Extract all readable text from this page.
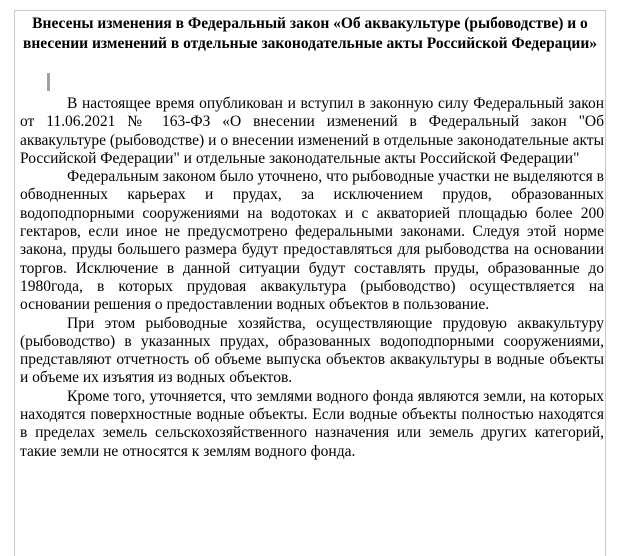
Внесены изменения в Федеральный закон «Об аквакультуре (рыбоводстве) и о внесении изменений в отдельные законодательные акты Российской Федерации»

В настоящее время опубликован и вступил в законную силу Федеральный закон от 11.06.2021 № 163-ФЗ «О внесении изменений в Федеральный закон "Об аквакультуре (рыбоводстве) и о внесении изменений в отдельные законодательные акты Российской Федерации" и отдельные законодательные акты Российской Федерации"

Федеральным законом было уточнено, что рыбоводные участки не выделяются в обводненных карьерах и прудах, за исключением прудов, образованных водоподпорными сооружениями на водотоках и с акваторией площадью более 200 гектаров, если иное не предусмотрено федеральными законами. Следуя этой норме закона, пруды большего размера будут предоставляться для рыбоводства на основании торгов. Исключение в данной ситуации будут составлять пруды, образованные до 1980года, в которых прудовая аквакультура (рыбоводство) осуществляется на основании решения о предоставлении водных объектов в пользование.

При этом рыбоводные хозяйства, осуществляющие прудовую аквакультуру (рыбоводство) в указанных прудах, образованных водоподпорными сооружениями, представляют отчетность об объеме выпуска объектов аквакультуры в водные объекты и объеме их изъятия из водных объектов.

Кроме того, уточняется, что землями водного фонда являются земли, на которых находятся поверхностные водные объекты. Если водные объекты полностью находятся в пределах земель сельскохозяйственного назначения или земель других категорий, такие земли не относятся к землям водного фонда.
